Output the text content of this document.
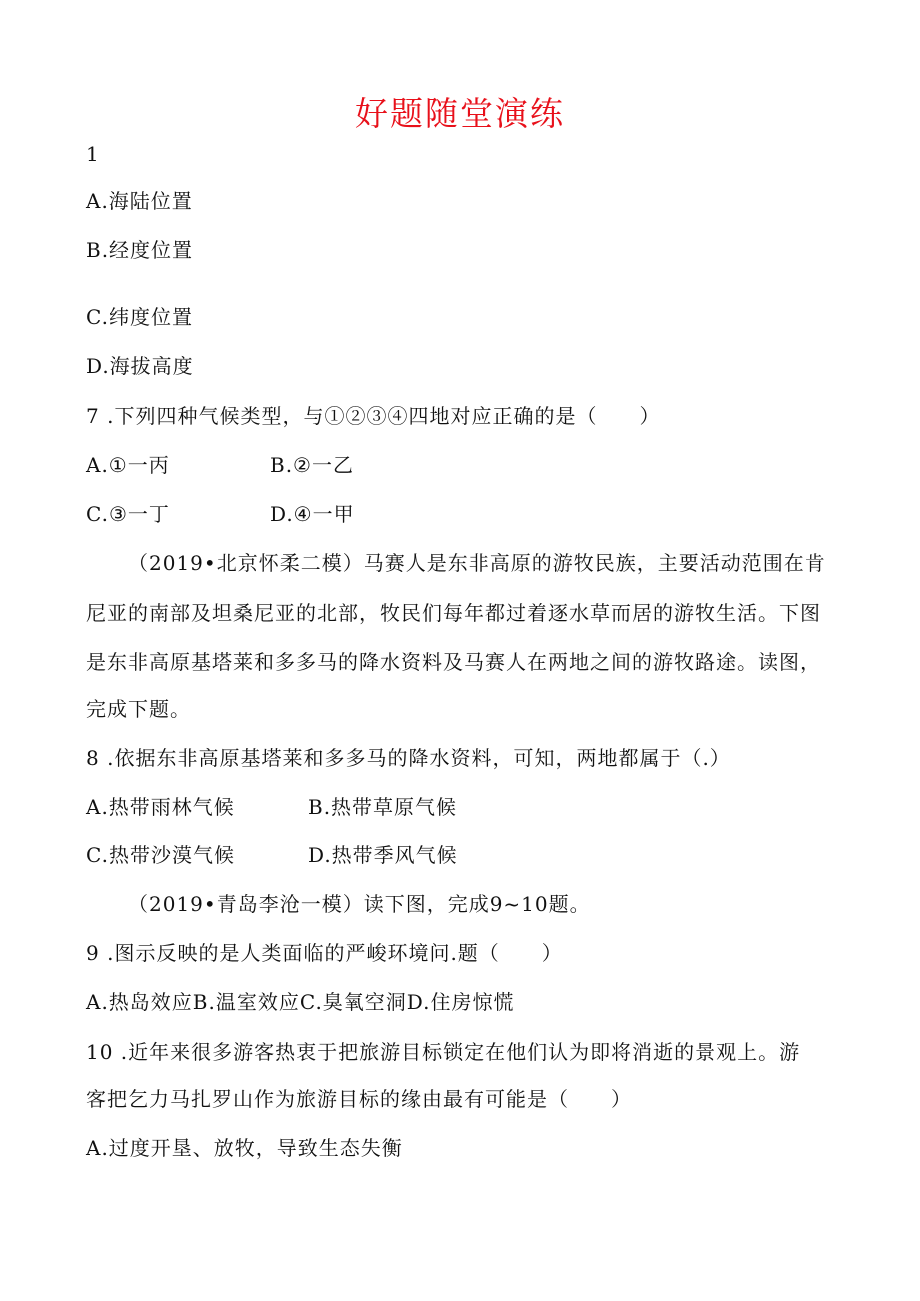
好题随堂演练
1
A.海陆位置
B.经度位置
C.纬度位置
D.海拔高度
7 .下列四种气候类型，与①②③④四地对应正确的是（　　）
A.①一丙	B.②一乙
C.③一丁	D.④一甲
（2019•北京怀柔二模）马赛人是东非高原的游牧民族，主要活动范围在肯
尼亚的南部及坦桑尼亚的北部，牧民们每年都过着逐水草而居的游牧生活。下图
是东非高原基塔莱和多多马的降水资料及马赛人在两地之间的游牧路途。读图，
完成下题。
8 .依据东非高原基塔莱和多多马的降水资料，可知，两地都属于（.）
A.热带雨林气候	B.热带草原气候
C.热带沙漠气候	D.热带季风气候
（2019•青岛李沧一模）读下图，完成9~10题。
9 .图示反映的是人类面临的严峻环境问.题（　　）
A.热岛效应B.温室效应C.臭氧空洞D.住房惊慌
10 .近年来很多游客热衷于把旅游目标锁定在他们认为即将消逝的景观上。游
客把乞力马扎罗山作为旅游目标的缘由最有可能是（　　）
A.过度开垦、放牧，导致生态失衡
